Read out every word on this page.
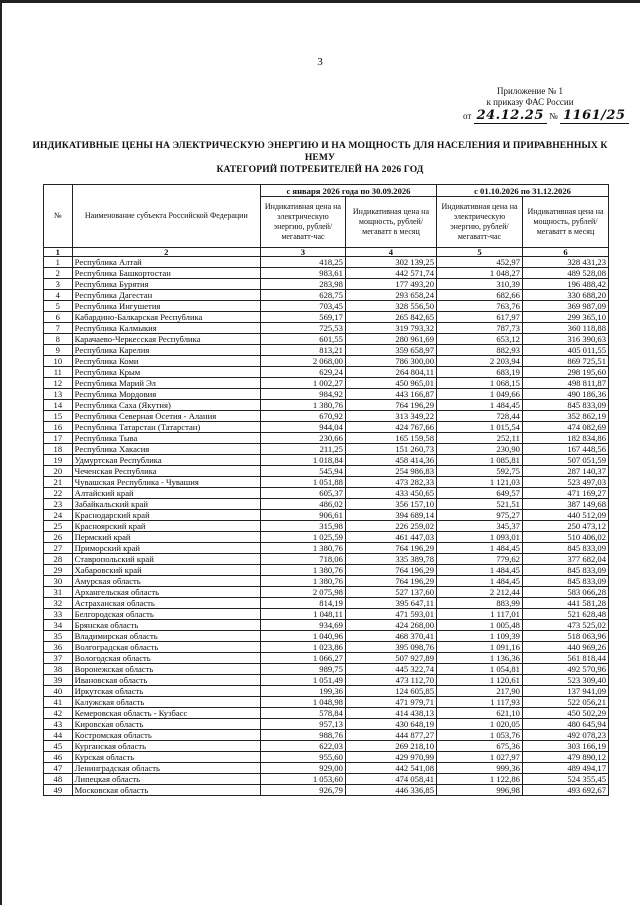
3
Приложение № 1
к приказу ФАС России
от 24.12.25 № 1161/25
ИНДИКАТИВНЫЕ ЦЕНЫ НА ЭЛЕКТРИЧЕСКУЮ ЭНЕРГИЮ И НА МОЩНОСТЬ ДЛЯ НАСЕЛЕНИЯ И ПРИРАВНЕННЫХ К НЕМУ
КАТЕГОРИЙ ПОТРЕБИТЕЛЕЙ НА 2026 ГОД
№	Наименование субъекта Российской Федерации	с января 2026 года по 30.09.2026		с 01.10.2026 по 31.12.2026	
		Индикативная цена на электрическую энергию, рублей/ мегаватт-час	Индикативная цена на мощность, рублей/мегаватт в месяц	Индикативная цена на электрическую энергию, рублей/ мегаватт-час	Индикативная цена на мощность, рублей/мегаватт в месяц
1	2	3	4	5	6
1	Республика Алтай	418,25	302 139,25	452,97	328 431,23
2	Республика Башкортостан	983,61	442 571,74	1 048,27	489 528,08
3	Республика Бурятия	283,98	177 493,20	310,39	196 488,42
4	Республика Дагестан	628,75	293 658,24	682,66	330 688,20
5	Республика Ингушетия	703,45	328 556,50	763,76	369 987,09
6	Кабардино-Балкарская Республика	569,17	265 842,65	617,97	299 365,10
7	Республика Калмыкия	725,53	319 793,32	787,73	360 118,88
8	Карачаево-Черкесская Республика	601,55	280 961,69	653,12	316 390,63
9	Республика Карелия	813,21	359 658,97	882,93	405 011,55
10	Республика Коми	2 068,00	786 300,00	2 203,94	869 725,51
11	Республика Крым	629,24	264 804,11	683,19	298 195,60
12	Республика Марий Эл	1 002,27	450 965,01	1 068,15	498 811,87
13	Республика Мордовия	984,92	443 166,87	1 049,66	490 186,36
14	Республика Саха (Якутия)	1 380,76	764 196,29	1 484,45	845 833,09
15	Республика Северная Осетия - Алания	670,92	313 349,22	728,44	352 862,19
16	Республика Татарстан (Татарстан)	944,04	424 767,66	1 015,54	474 082,69
17	Республика Тыва	230,66	165 159,58	252,11	182 834,86
18	Республика Хакасия	211,25	151 260,73	230,90	167 448,56
19	Удмуртская Республика	1 018,84	458 414,36	1 085,81	507 051,59
20	Чеченская Республика	545,94	254 986,83	592,75	287 140,37
21	Чувашская Республика - Чувашия	1 051,88	473 282,33	1 121,03	523 497,03
22	Алтайский край	605,37	433 450,65	649,57	471 169,27
23	Забайкальский край	486,02	356 157,10	521,51	387 149,68
24	Краснодарский край	906,61	394 689,14	975,27	440 512,09
25	Красноярский край	315,98	226 259,02	345,37	250 473,12
26	Пермский край	1 025,59	461 447,03	1 093,01	510 406,02
27	Приморский край	1 380,76	764 196,29	1 484,45	845 833,09
28	Ставропольский край	718,06	335 389,78	779,62	377 682,04
29	Хабаровский край	1 380,76	764 196,29	1 484,45	845 833,09
30	Амурская область	1 380,76	764 196,29	1 484,45	845 833,09
31	Архангельская область	2 075,98	527 137,60	2 212,44	583 066,28
32	Астраханская область	814,19	395 647,11	883,99	441 581,28
33	Белгородская область	1 048,11	471 593,01	1 117,01	521 628,48
34	Брянская область	934,69	424 268,00	1 005,48	473 525,02
35	Владимирская область	1 040,96	468 370,41	1 109,39	518 063,96
36	Волгоградская область	1 023,86	395 098,76	1 091,16	440 969,26
37	Вологодская область	1 066,27	507 927,89	1 136,36	561 818,44
38	Воронежская область	989,75	445 322,74	1 054,81	492 570,96
39	Ивановская область	1 051,49	473 112,70	1 120,61	523 309,40
40	Иркутская область	199,36	124 605,85	217,90	137 941,09
41	Калужская область	1 048,98	471 979,71	1 117,93	522 056,21
42	Кемеровская область - Кузбасс	578,84	414 438,13	621,10	450 502,29
43	Кировская область	957,13	430 648,19	1 020,05	480 645,94
44	Костромская область	988,76	444 877,27	1 053,76	492 078,23
45	Курганская область	622,03	269 218,10	675,36	303 166,19
46	Курская область	955,60	429 970,99	1 027,97	479 890,12
47	Ленинградская область	929,00	442 541,08	999,36	489 494,17
48	Липецкая область	1 053,60	474 058,41	1 122,86	524 355,45
49	Московская область	926,79	446 336,85	996,98	493 692,67
